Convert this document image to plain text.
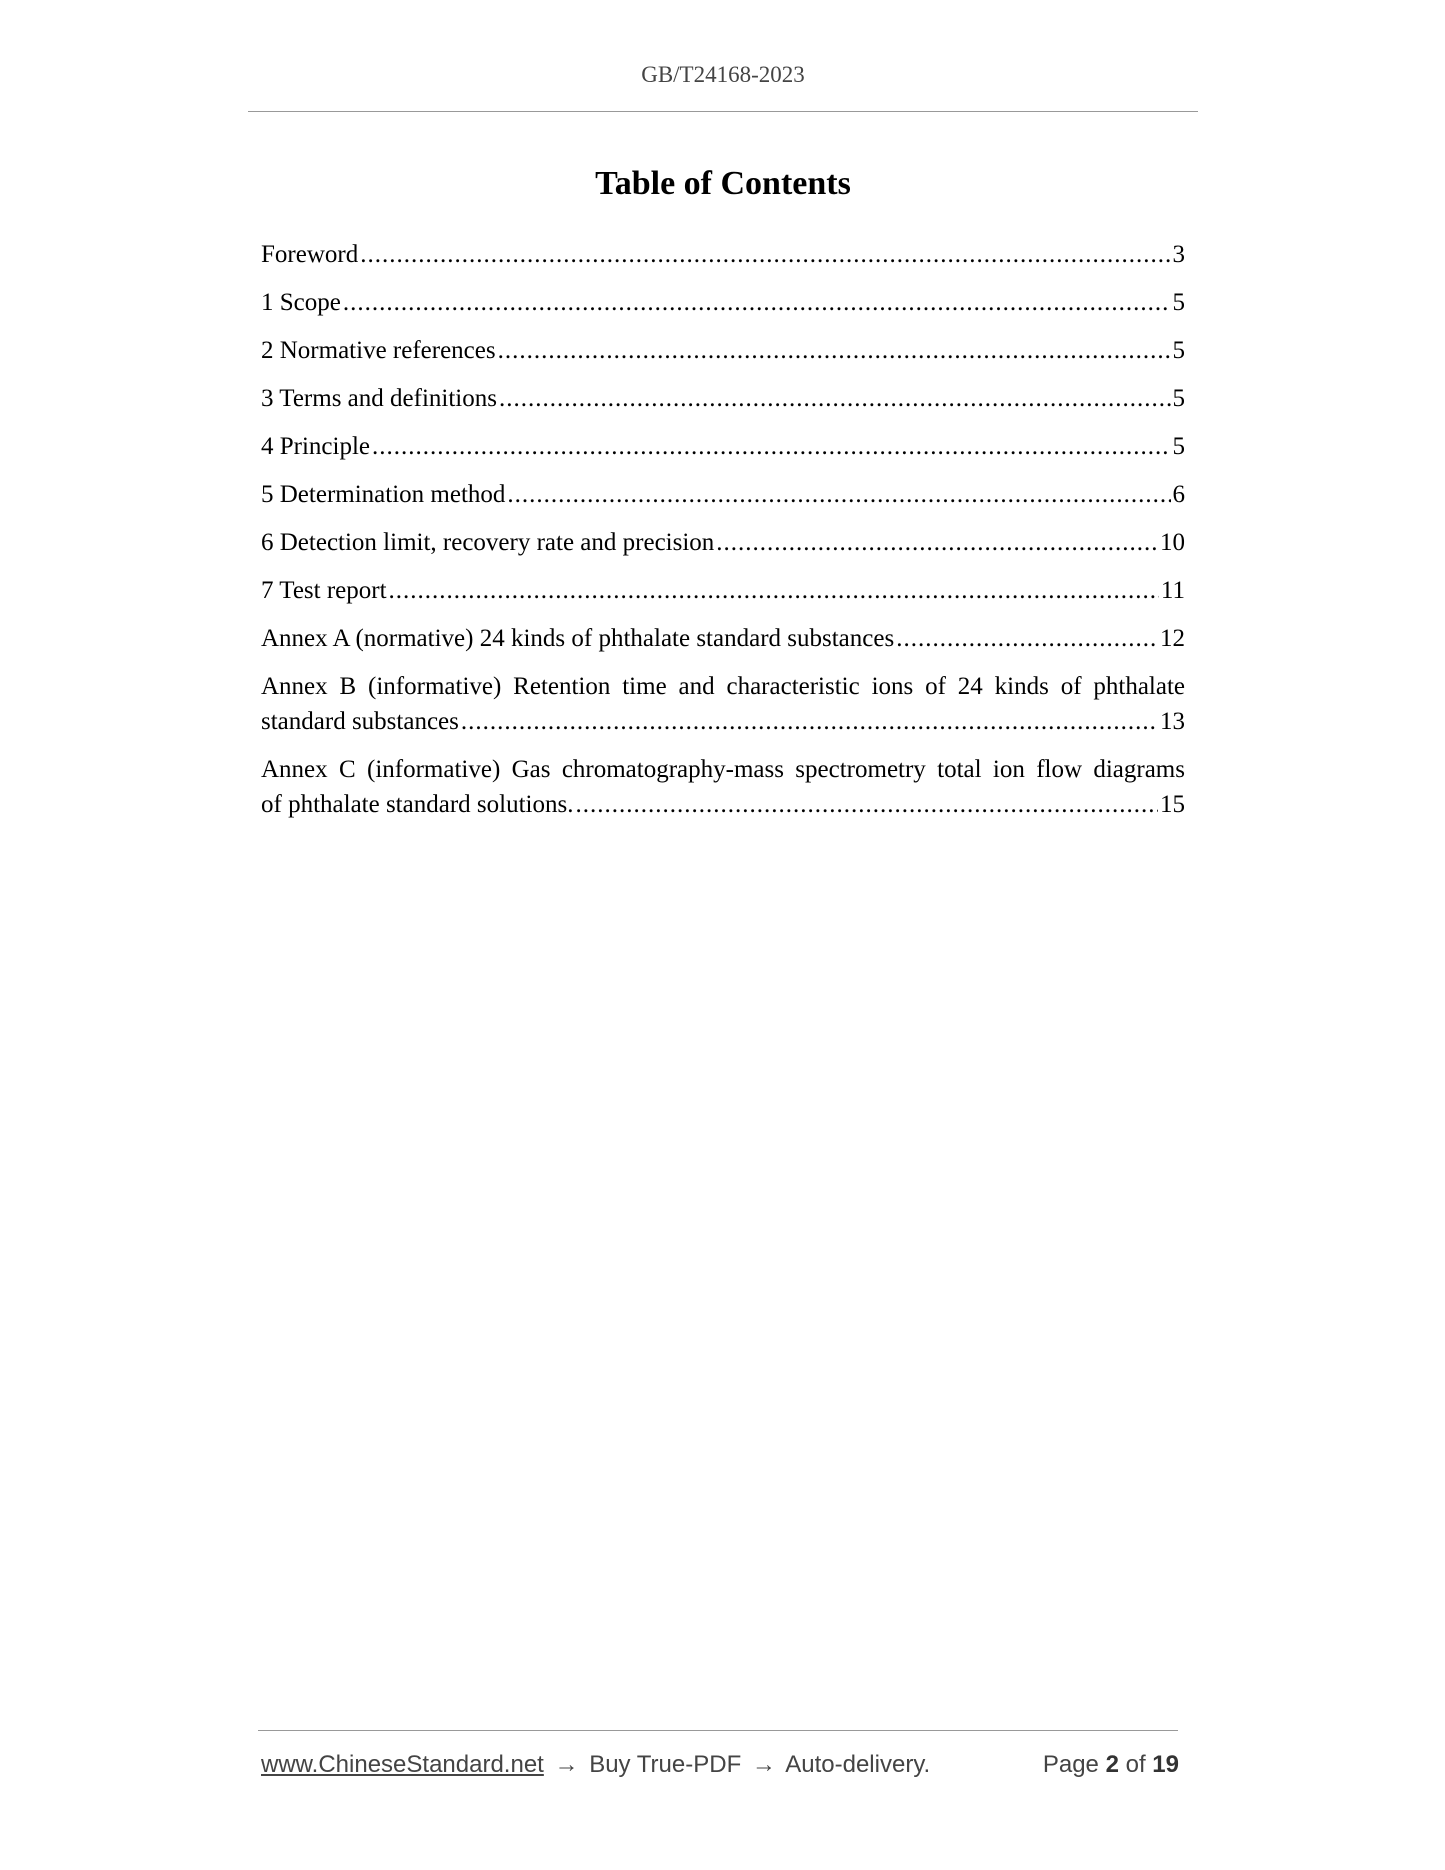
GB/T24168-2023
Table of Contents
Foreword .....	3
1 Scope .....	5
2 Normative references .....	5
3 Terms and definitions .....	5
4 Principle .....	5
5 Determination method .....	6
6 Detection limit, recovery rate and precision .....	10
7 Test report .....	11
Annex A (normative) 24 kinds of phthalate standard substances .....	12
Annex B (informative) Retention time and characteristic ions of 24 kinds of phthalate
standard substances .....	13
Annex C (informative) Gas chromatography-mass spectrometry total ion flow diagrams
of phthalate standard solutions. .....	15
www.ChineseStandard.net → Buy True-PDF → Auto-delivery.	Page 2 of 19
